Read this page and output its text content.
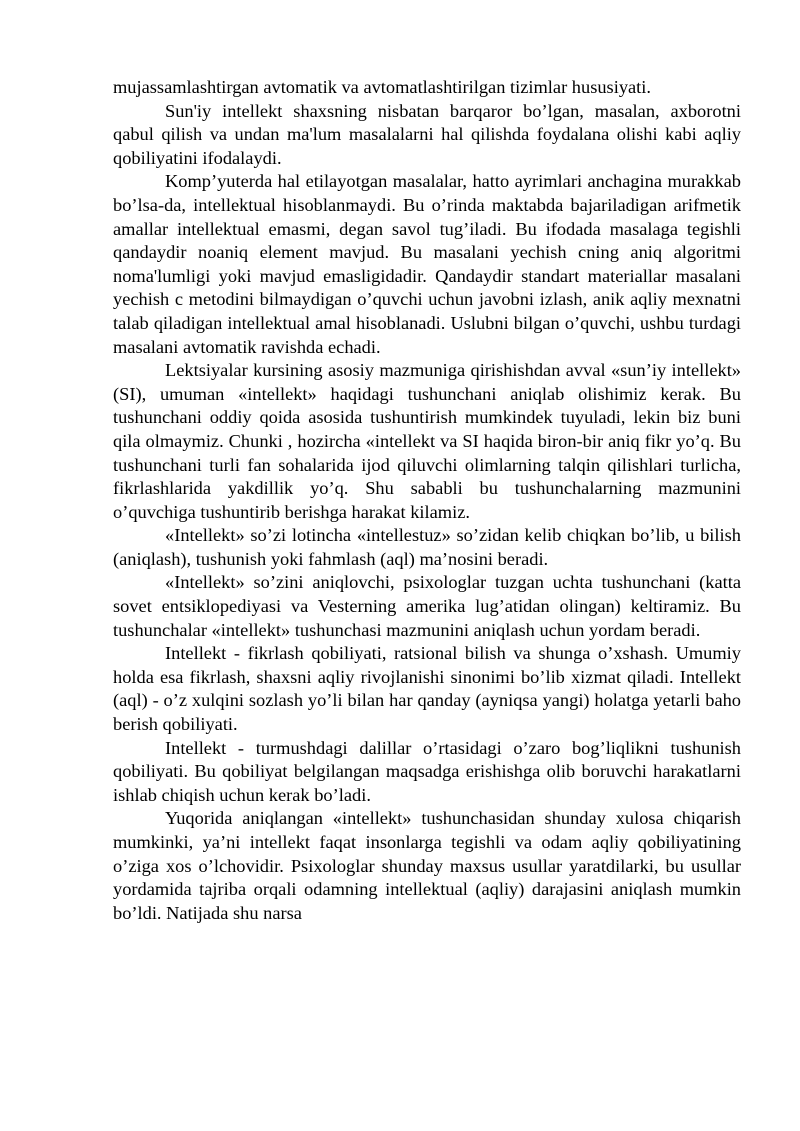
mujassamlashtirgan avtomatik va avtomatlashtirilgan tizimlar hususiyati.

Sun'iy intellekt shaxsning nisbatan barqaror bo’lgan, masalan, axborotni qabul qilish va undan ma'lum masalalarni hal qilishda foydalana olishi kabi aqliy qobiliyatini ifodalaydi.

Komp’yuterda hal etilayotgan masalalar, hatto ayrimlari anchagina murakkab bo’lsa-da, intellektual hisoblanmaydi. Bu o’rinda maktabda bajariladigan arifmetik amallar intellektual emasmi, degan savol tug’iladi. Bu ifodada masalaga tegishli qandaydir noaniq element mavjud. Bu masalani yechish cning aniq algoritmi noma'lumligi yoki mavjud emasligidadir. Qandaydir standart materiallar masalani yechish c metodini bilmaydigan o’quvchi uchun javobni izlash, anik aqliy mexnatni talab qiladigan intellektual amal hisoblanadi. Uslubni bilgan o’quvchi, ushbu turdagi masalani avtomatik ravishda echadi.

Lektsiyalar kursining asosiy mazmuniga qirishishdan avval «sun’iy intellekt» (SI), umuman «intellekt» haqidagi tushunchani aniqlab olishimiz kerak. Bu tushunchani oddiy qoida asosida tushuntirish mumkindek tuyuladi, lekin biz buni qila olmaymiz. Chunki , hozircha «intellekt va SI haqida biron-bir aniq fikr yo’q. Bu tushunchani turli fan sohalarida ijod qiluvchi olimlarning talqin qilishlari turlicha, fikrlashlarida yakdillik yo’q. Shu sababli bu tushunchalarning mazmunini o’quvchiga tushuntirib berishga harakat kilamiz.

«Intellekt» so’zi lotincha «intellestuz» so’zidan kelib chiqkan bo’lib, u bilish (aniqlash), tushunish yoki fahmlash (aql) ma’nosini beradi.

«Intellekt» so’zini aniqlovchi, psixologlar tuzgan uchta tushunchani (katta sovet entsiklopediyasi va Vesterning amerika lug’atidan olingan) keltiramiz. Bu tushunchalar «intellekt» tushunchasi mazmunini aniqlash uchun yordam beradi.

Intellekt - fikrlash qobiliyati, ratsional bilish va shunga o’xshash. Umumiy holda esa fikrlash, shaxsni aqliy rivojlanishi sinonimi bo’lib xizmat qiladi. Intellekt (aql) - o’z xulqini sozlash yo’li bilan har qanday (ayniqsa yangi) holatga yetarli baho berish qobiliyati.

Intellekt - turmushdagi dalillar o’rtasidagi o’zaro bog’liqlikni tushunish qobiliyati. Bu qobiliyat belgilangan maqsadga erishishga olib boruvchi harakatlarni ishlab chiqish uchun kerak bo’ladi.

Yuqorida aniqlangan «intellekt» tushunchasidan shunday xulosa chiqarish mumkinki, ya’ni intellekt faqat insonlarga tegishli va odam aqliy qobiliyatining o’ziga xos o’lchovidir. Psixologlar shunday maxsus usullar yaratdilarki, bu usullar yordamida tajriba orqali odamning intellektual (aqliy) darajasini aniqlash mumkin bo’ldi. Natijada shu narsa
